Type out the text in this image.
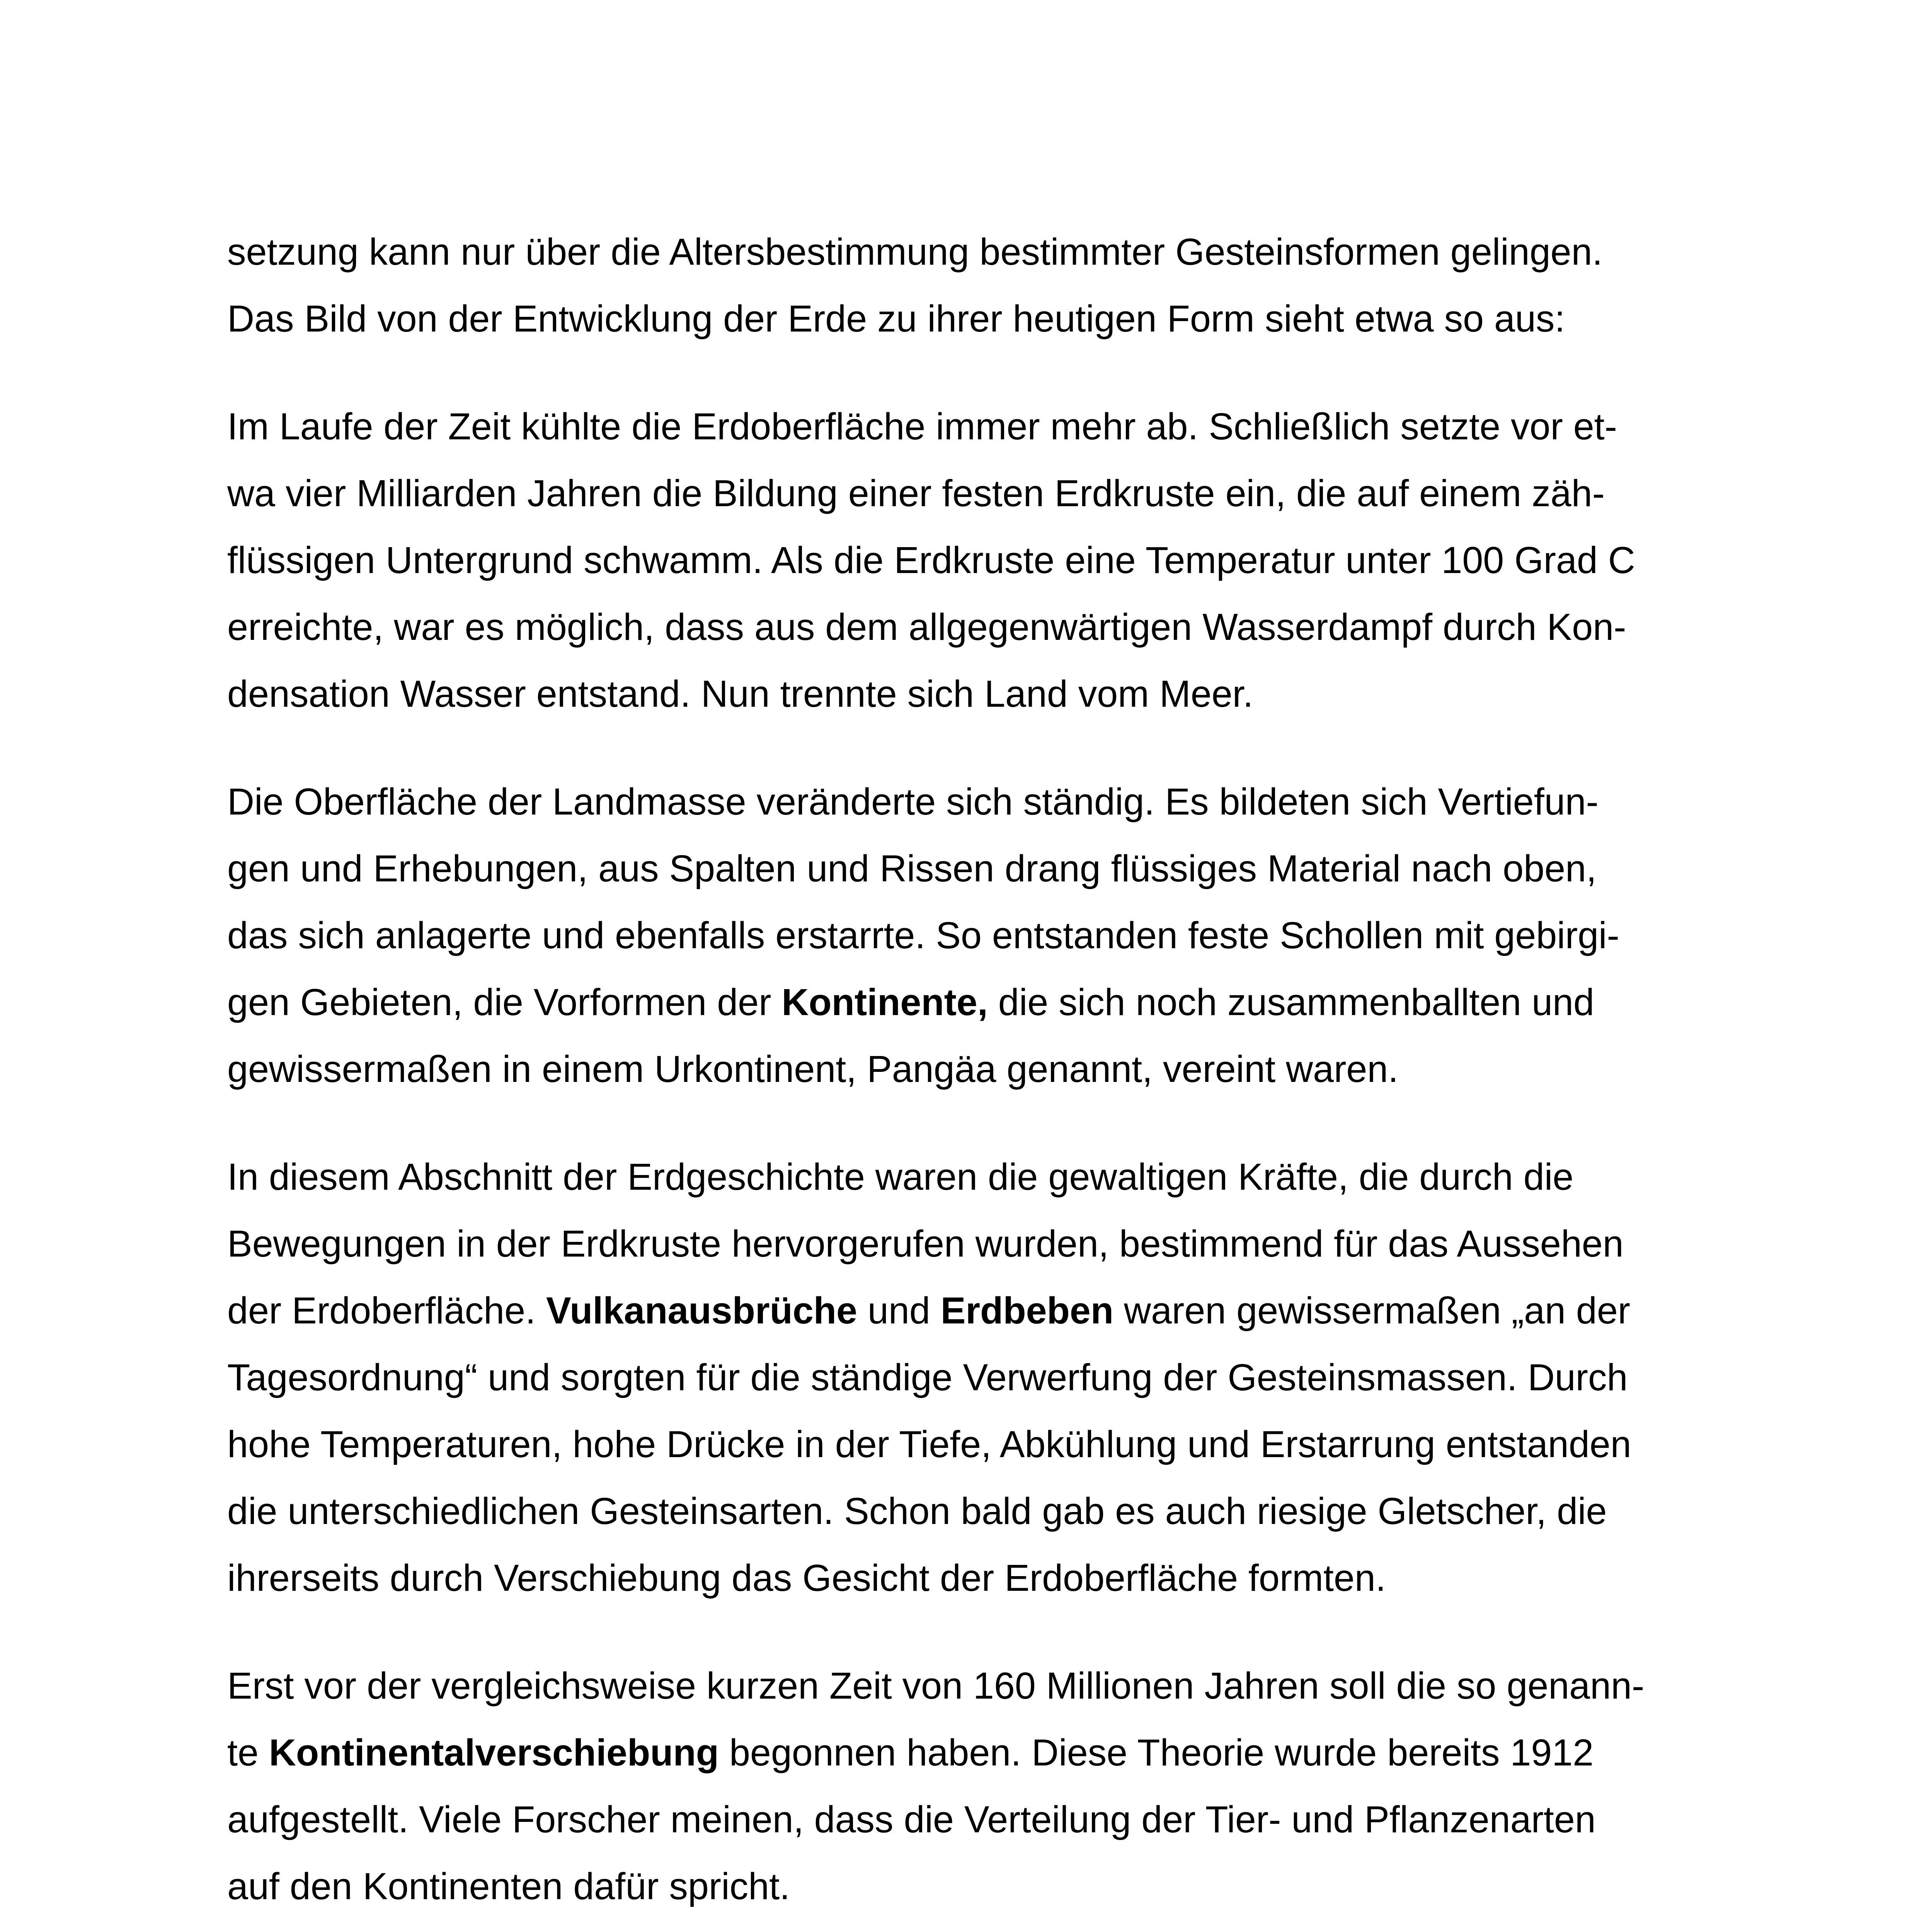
setzung kann nur über die Altersbestimmung bestimmter Gesteinsformen gelingen.
Das Bild von der Entwicklung der Erde zu ihrer heutigen Form sieht etwa so aus:

Im Laufe der Zeit kühlte die Erdoberfläche immer mehr ab. Schließlich setzte vor et-
wa vier Milliarden Jahren die Bildung einer festen Erdkruste ein, die auf einem zäh-
flüssigen Untergrund schwamm. Als die Erdkruste eine Temperatur unter 100 Grad C
erreichte, war es möglich, dass aus dem allgegenwärtigen Wasserdampf durch Kon-
densation Wasser entstand. Nun trennte sich Land vom Meer.

Die Oberfläche der Landmasse veränderte sich ständig. Es bildeten sich Vertiefun-
gen und Erhebungen, aus Spalten und Rissen drang flüssiges Material nach oben,
das sich anlagerte und ebenfalls erstarrte. So entstanden feste Schollen mit gebirgi-
gen Gebieten, die Vorformen der Kontinente, die sich noch zusammenballten und
gewissermaßen in einem Urkontinent, Pangäa genannt, vereint waren.

In diesem Abschnitt der Erdgeschichte waren die gewaltigen Kräfte, die durch die
Bewegungen in der Erdkruste hervorgerufen wurden, bestimmend für das Aussehen
der Erdoberfläche. Vulkanausbrüche und Erdbeben waren gewissermaßen „an der
Tagesordnung“ und sorgten für die ständige Verwerfung der Gesteinsmassen. Durch
hohe Temperaturen, hohe Drücke in der Tiefe, Abkühlung und Erstarrung entstanden
die unterschiedlichen Gesteinsarten. Schon bald gab es auch riesige Gletscher, die
ihrerseits durch Verschiebung das Gesicht der Erdoberfläche formten.

Erst vor der vergleichsweise kurzen Zeit von 160 Millionen Jahren soll die so genann-
te Kontinentalverschiebung begonnen haben. Diese Theorie wurde bereits 1912
aufgestellt. Viele Forscher meinen, dass die Verteilung der Tier- und Pflanzenarten
auf den Kontinenten dafür spricht.
